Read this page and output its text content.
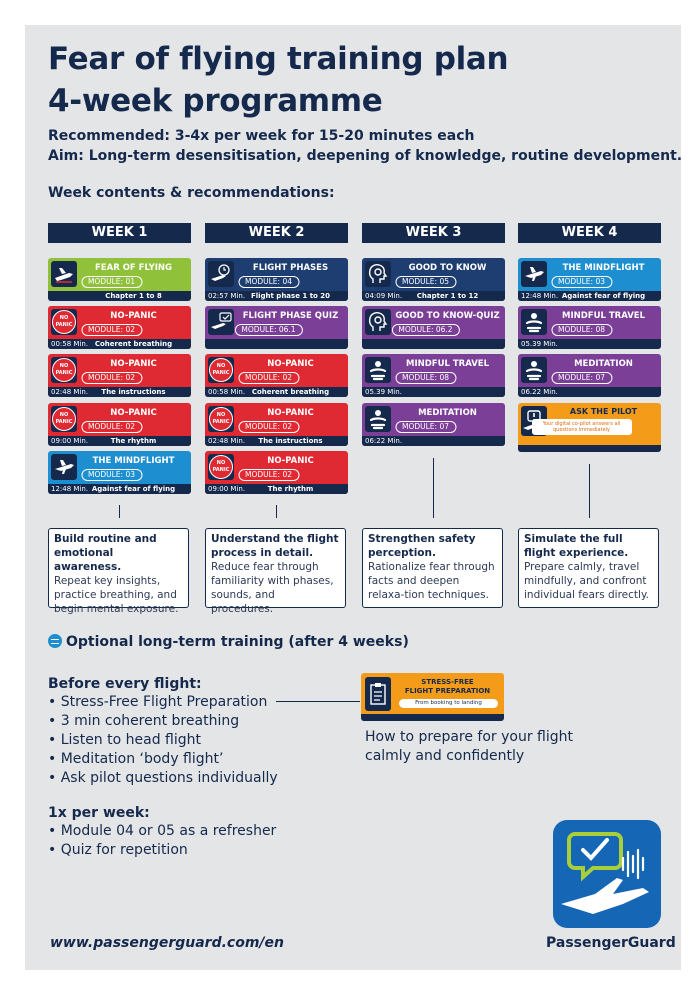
Fear of flying training plan
4-week programme
Recommended: 3-4x per week for 15-20 minutes each
Aim: Long-term desensitisation, deepening of knowledge, routine development.
Week contents & recommendations:
WEEK 1
FEAR OF FLYING
MODULE: 01
Chapter 1 to 8
NO
PANIC
NO-PANIC
MODULE: 02
00:58 Min. Coherent breathing
NO
PANIC
NO-PANIC
MODULE: 02
02:48 Min.	The instructions
NO
PANIC
NO-PANIC
MODULE: 02
09:00 Min.	The rhythm
THE MINDFLIGHT
MODULE: 03
12:48 Min. Against fear of flying
Build routine and emotional awareness.
Repeat key insights, practice breathing, and begin mental exposure.
WEEK 2
FLIGHT PHASES
MODULE: 04
02:57 Min. Flight phase 1 to 20
FLIGHT PHASE QUIZ
MODULE: 06.1
NO
PANIC
NO-PANIC
MODULE: 02
00:58 Min. Coherent breathing
NO
PANIC
NO-PANIC
MODULE: 02
02:48 Min.	The instructions
NO
PANIC
NO-PANIC
MODULE: 02
09:00 Min.	The rhythm
Understand the flight process in detail.
Reduce fear through familiarity with phases, sounds, and procedures.
WEEK 3
GOOD TO KNOW
MODULE: 05
04:09 Min.	Chapter 1 to 12
GOOD TO KNOW-QUIZ
MODULE: 06.2
MINDFUL TRAVEL
MODULE: 08
05.39 Min.
MEDITATION
MODULE: 07
06:22 Min.
Strengthen safety perception.
Rationalize fear through facts and deepen relaxa-tion techniques.
WEEK 4
THE MINDFLIGHT
MODULE: 03
12:48 Min. Against fear of flying
MINDFUL TRAVEL
MODULE: 08
05.39 Min.
MEDITATION
MODULE: 07
06.22 Min.
ASK THE PILOT
Your digital co-pilot answers all questions immediately
Simulate the full flight experience.
Prepare calmly, travel mindfully, and confront individual fears directly.
Optional long-term training (after 4 weeks)
Before every flight:
• Stress-Free Flight Preparation
• 3 min coherent breathing
• Listen to head flight
• Meditation ‘body flight’
• Ask pilot questions individually
1x per week:
• Module 04 or 05 as a refresher
• Quiz for repetition
STRESS-FREE
FLIGHT PREPARATION
From booking to landing
How to prepare for your flight
calmly and confidently
www.passengerguard.com/en	PassengerGuard
